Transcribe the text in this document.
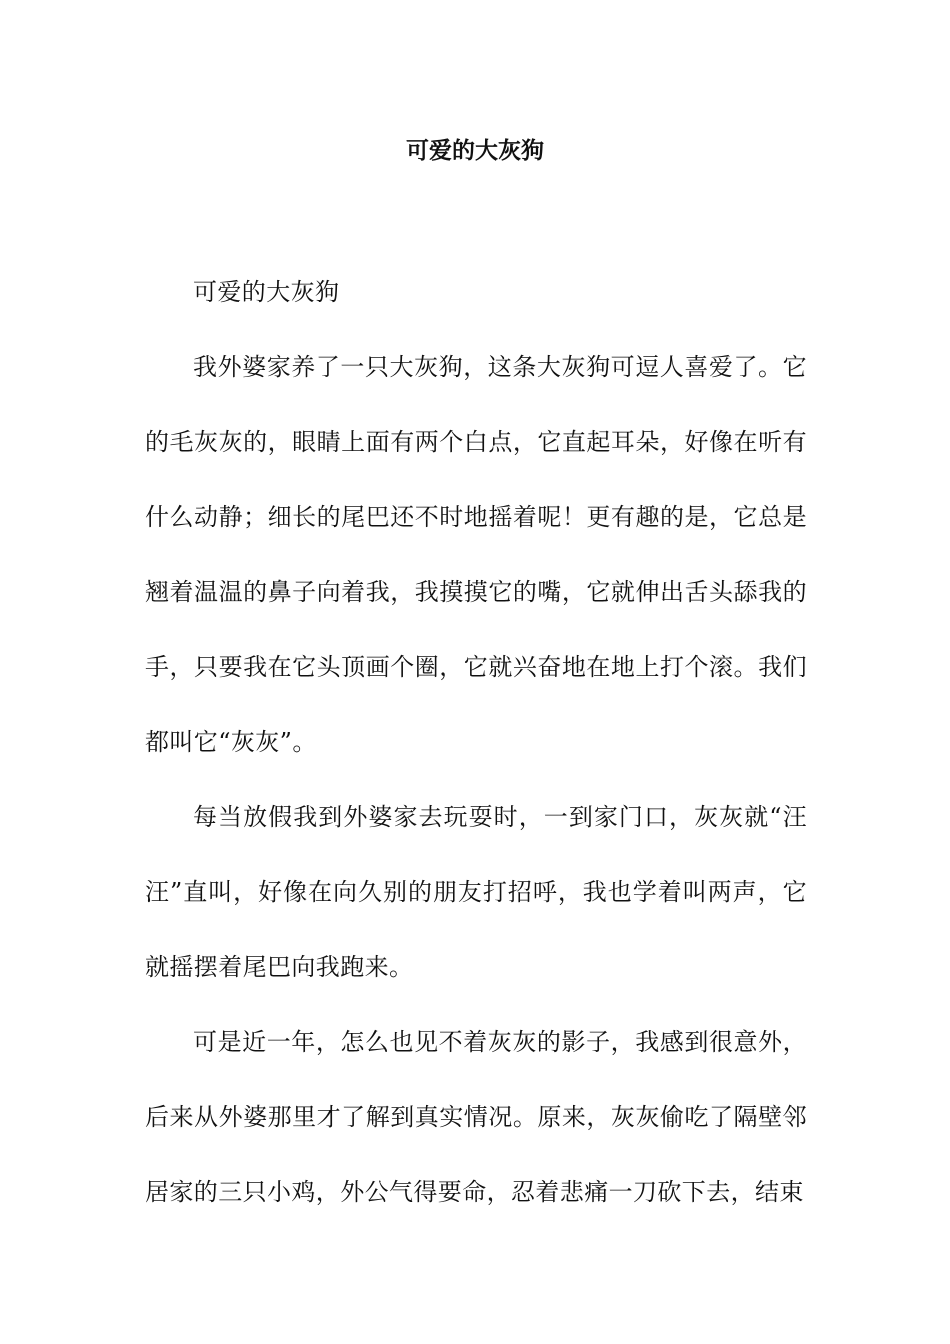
可爱的大灰狗

可爱的大灰狗

我外婆家养了一只大灰狗，这条大灰狗可逗人喜爱了。它的毛灰灰的，眼睛上面有两个白点，它直起耳朵，好像在听有什么动静；细长的尾巴还不时地摇着呢！更有趣的是，它总是翘着温温的鼻子向着我，我摸摸它的嘴，它就伸出舌头舔我的手，只要我在它头顶画个圈，它就兴奋地在地上打个滚。我们都叫它“灰灰”。

每当放假我到外婆家去玩耍时，一到家门口，灰灰就“汪汪”直叫，好像在向久别的朋友打招呼，我也学着叫两声，它就摇摆着尾巴向我跑来。

可是近一年，怎么也见不着灰灰的影子，我感到很意外，后来从外婆那里才了解到真实情况。原来，灰灰偷吃了隔壁邻居家的三只小鸡，外公气得要命，忍着悲痛一刀砍下去，结束
